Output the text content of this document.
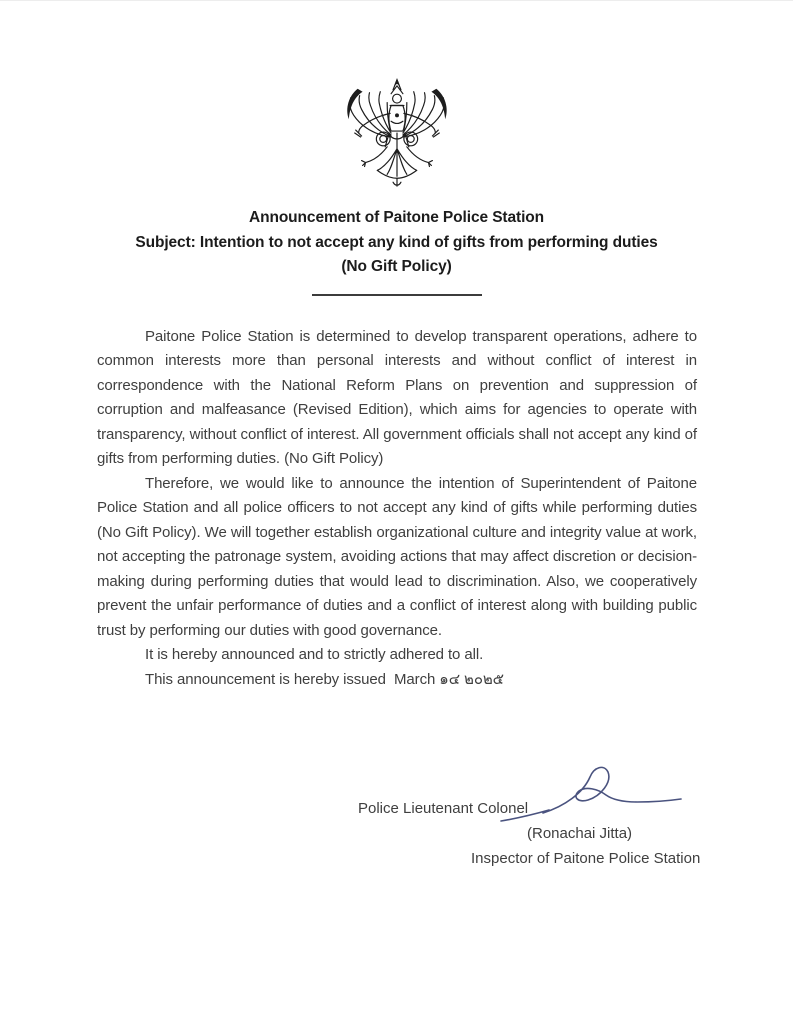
Announcement of Paitone Police Station
Subject: Intention to not accept any kind of gifts from performing duties
(No Gift Policy)

Paitone Police Station is determined to develop transparent operations, adhere to common interests more than personal interests and without conflict of interest in correspondence with the National Reform Plans on prevention and suppression of corruption and malfeasance (Revised Edition), which aims for agencies to operate with transparency, without conflict of interest. All government officials shall not accept any kind of gifts from performing duties. (No Gift Policy)

Therefore, we would like to announce the intention of Superintendent of Paitone Police Station and all police officers to not accept any kind of gifts while performing duties (No Gift Policy). We will together establish organizational culture and integrity value at work, not accepting the patronage system, avoiding actions that may affect discretion or decision-making during performing duties that would lead to discrimination. Also, we cooperatively prevent the unfair performance of duties and a conflict of interest along with building public trust by performing our duties with good governance.

It is hereby announced and to strictly adhered to all.

This announcement is hereby issued  March ๑๔ ๒๐๒๕

Police Lieutenant Colonel
(Ronachai Jitta)
Inspector of Paitone Police Station
